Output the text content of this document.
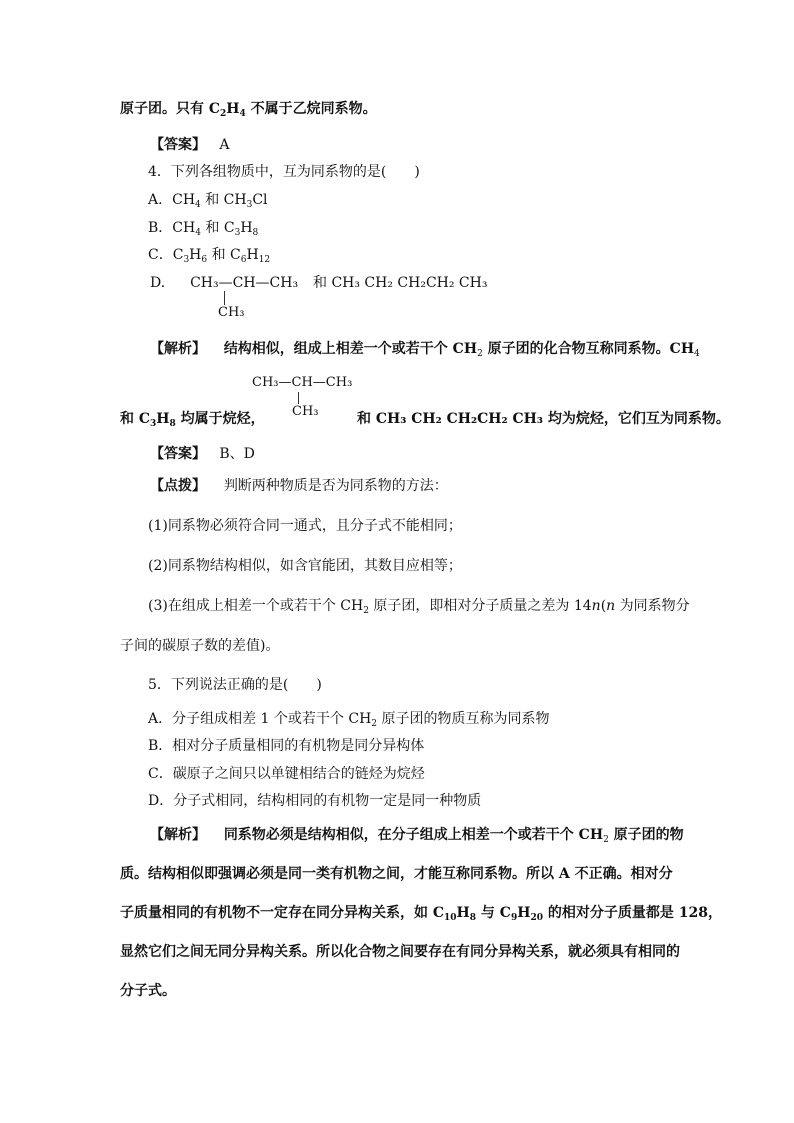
原子团。只有 $C_2H_4$ 不属于乙烷同系物。
【答案】 A
4．下列各组物质中，互为同系物的是(　　)
A．$CH_4$ 和 $CH_3Cl$
B．$CH_4$ 和 $C_3H_8$
C．$C_3H_6$ 和 $C_6H_{12}$
D. CH₃—CH—CH₃ 和 CH₃ CH₂ CH₂CH₂ CH₃
CH₃
【解析】 结构相似，组成上相差一个或若干个 $CH_2$ 原子团的化合物互称同系物。$CH_4$
CH₃—CH—CH₃
CH₃
和 $C_3H_8$ 均属于烷烃，	和 CH₃ CH₂ CH₂CH₂ CH₃ 均为烷烃，它们互为同系物。
【答案】 B、D
【点拨】 判断两种物质是否为同系物的方法：
(1)同系物必须符合同一通式，且分子式不能相同；
(2)同系物结构相似，如含官能团，其数目应相等；
(3)在组成上相差一个或若干个 $CH_2$ 原子团，即相对分子质量之差为 14n(n 为同系物分
子间的碳原子数的差值)。
5．下列说法正确的是(　　)
A．分子组成相差 1 个或若干个 $CH_2$ 原子团的物质互称为同系物
B．相对分子质量相同的有机物是同分异构体
C．碳原子之间只以单键相结合的链烃为烷烃
D．分子式相同，结构相同的有机物一定是同一种物质
【解析】 同系物必须是结构相似，在分子组成上相差一个或若干个 $CH_2$ 原子团的物
质。结构相似即强调必须是同一类有机物之间，才能互称同系物。所以 A 不正确。相对分
子质量相同的有机物不一定存在同分异构关系，如 $C_{10}H_8$ 与 $C_9H_{20}$ 的相对分子质量都是 128，
显然它们之间无同分异构关系。所以化合物之间要存在有同分异构关系，就必须具有相同的
分子式。
